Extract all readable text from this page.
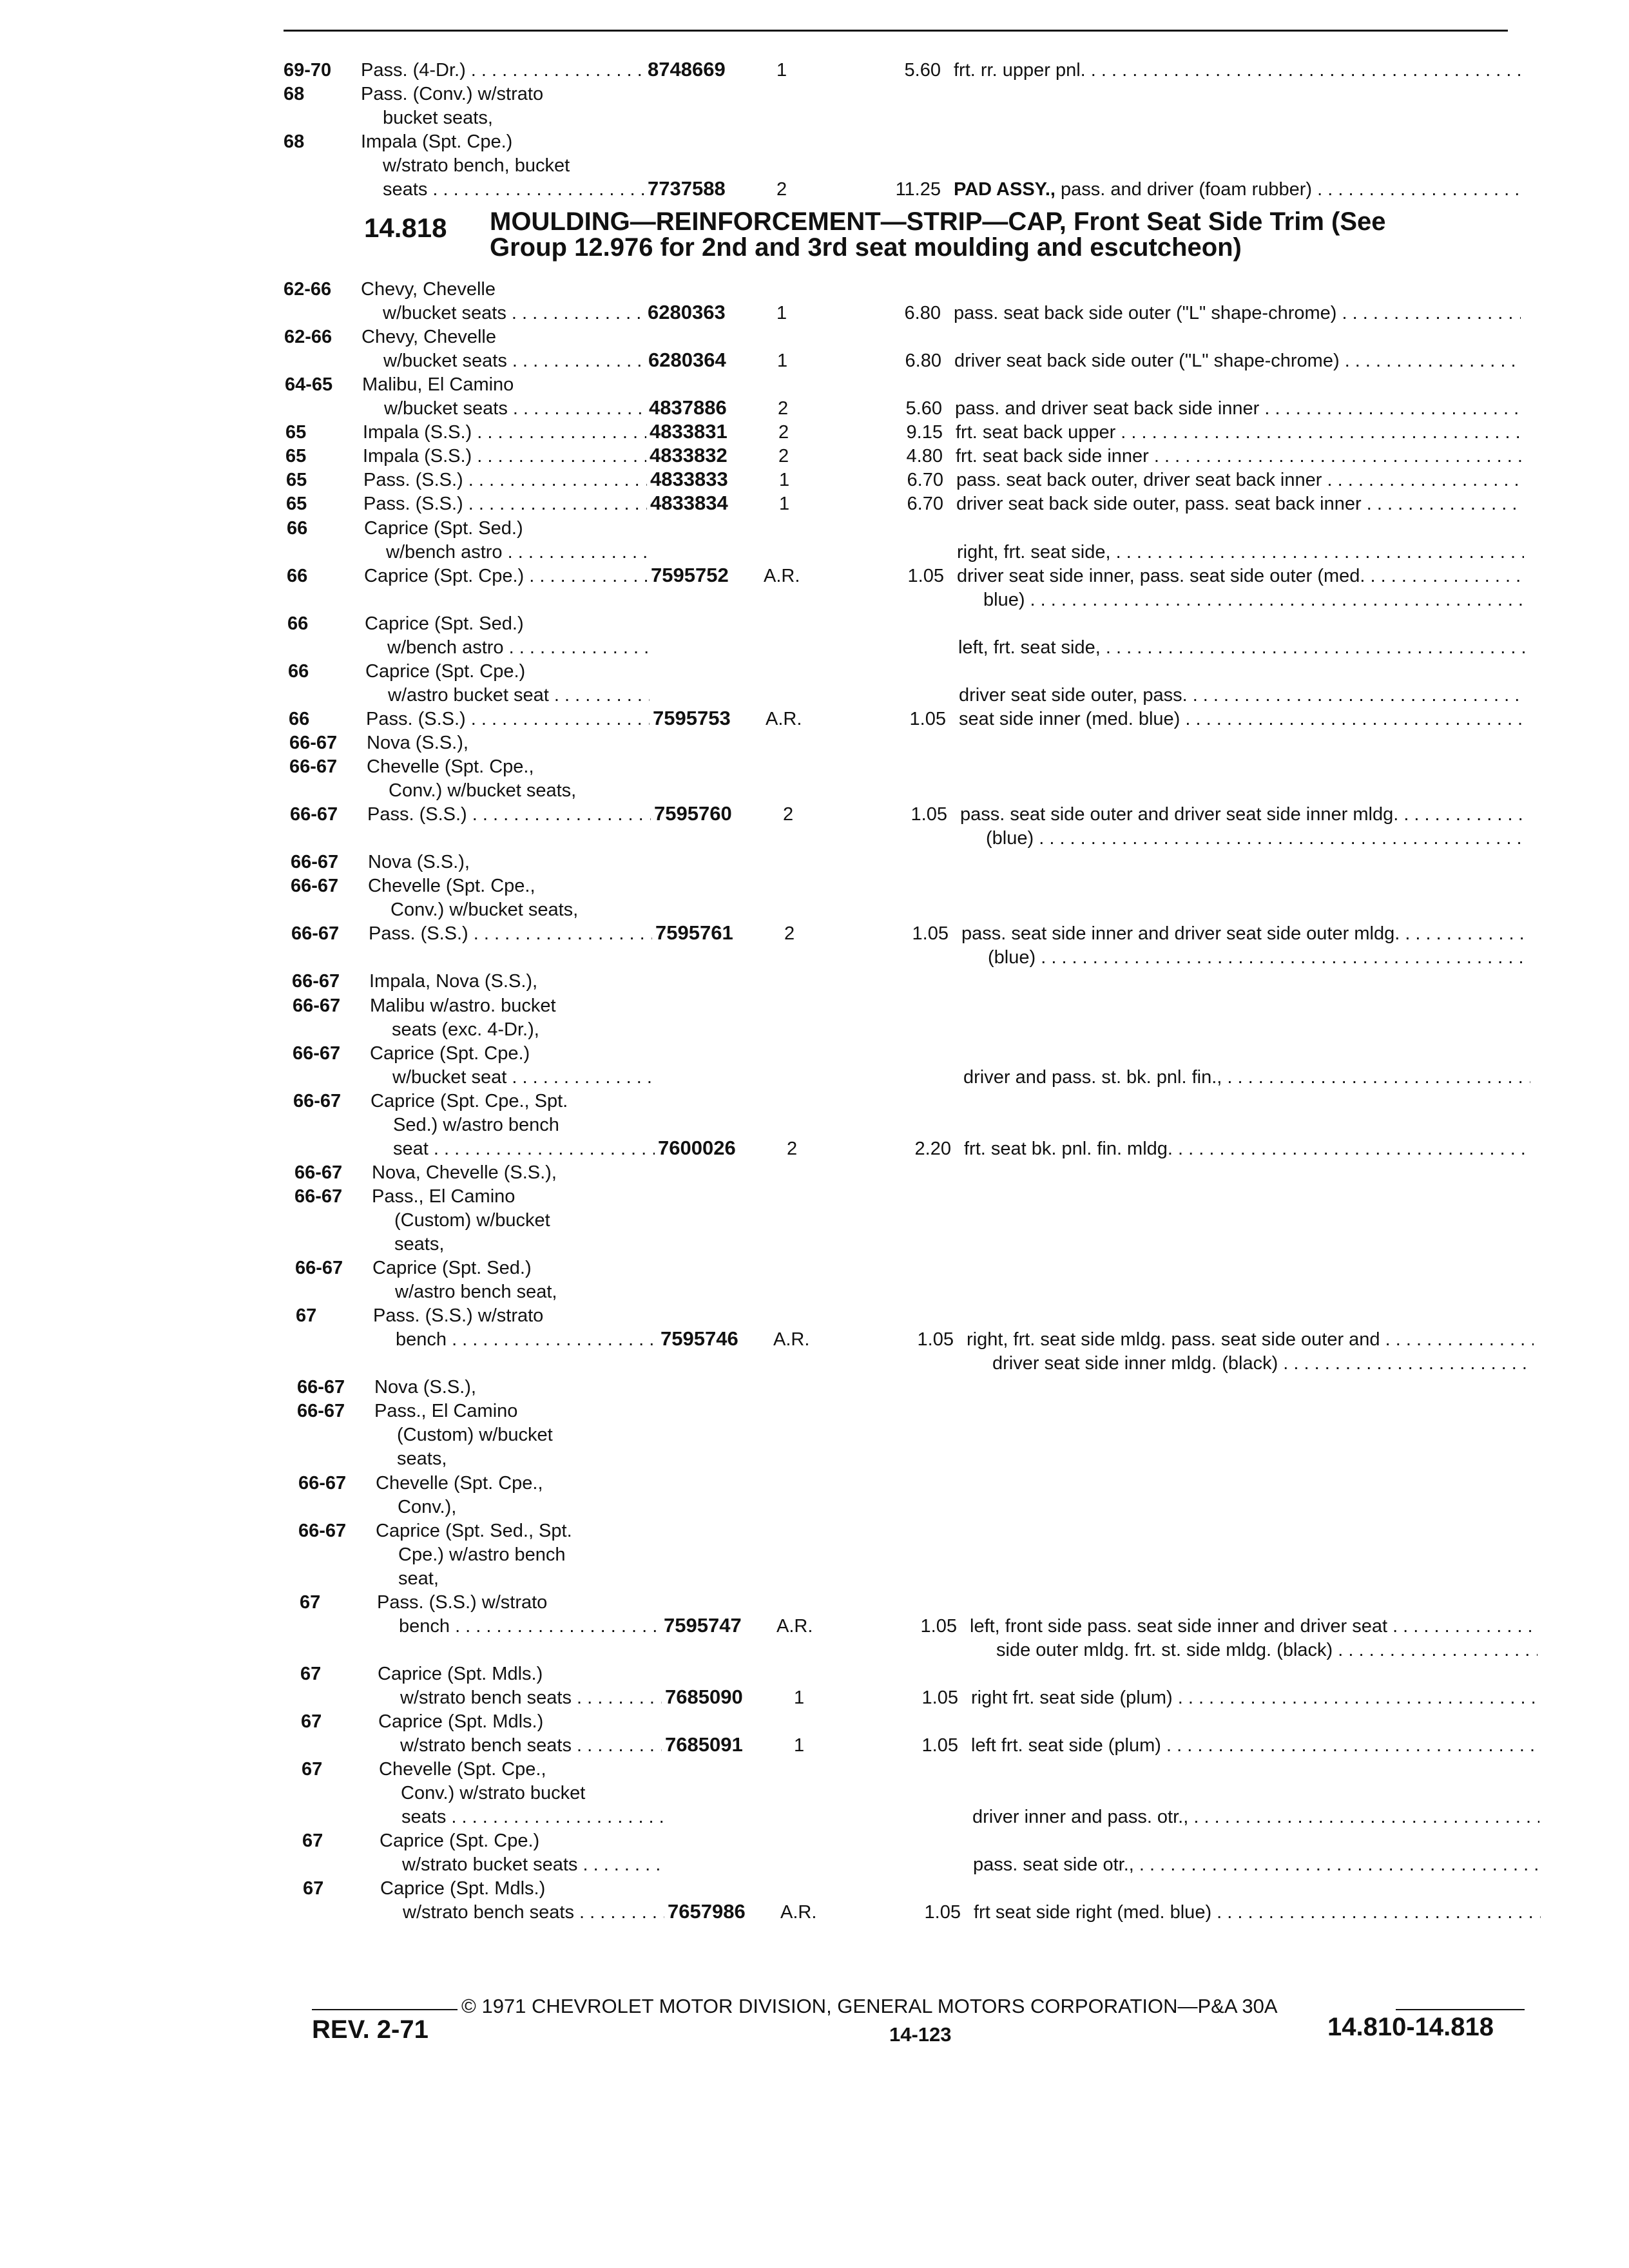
69-70 Pass. (4-Dr.) . . .	8748669	1	5.60 frt. rr. upper pnl. . . .
68	Pass. (Conv.) w/strato
bucket seats,
68	Impala (Spt. Cpe.)
w/strato bench, bucket
seats . . .	7737588	2	11.25 PAD ASSY., pass. and driver (foam rubber) . . .
14.818 MOULDING—REINFORCEMENT—STRIP—CAP, Front Seat Side Trim (See
Group 12.976 for 2nd and 3rd seat moulding and escutcheon)
62-66 Chevy, Chevelle
w/bucket seats . . .	6280363	1	6.80 pass. seat back side outer ("L" shape-chrome) . . .
62-66 Chevy, Chevelle
w/bucket seats . . .	6280364	1	6.80 driver seat back side outer ("L" shape-chrome) . . .
64-65 Malibu, El Camino
w/bucket seats . . .	4837886	2	5.60 pass. and driver seat back side inner . . .
65	Impala (S.S.) . . .	4833831	2	9.15 frt. seat back upper . . .
65	Impala (S.S.) . . .	4833832	2	4.80 frt. seat back side inner . . .
65	Pass. (S.S.) . . .	4833833	1	6.70 pass. seat back outer, driver seat back inner . . .
65	Pass. (S.S.) . . .	4833834	1	6.70 driver seat back side outer, pass. seat back inner . . .
66	Caprice (Spt. Sed.)
w/bench astro . . .	right, frt. seat side, . . .
66	Caprice (Spt. Cpe.) . . .	7595752 A.R.	1.05 driver seat side inner, pass. seat side outer (med. . . .
blue) . . .
66	Caprice (Spt. Sed.)
w/bench astro . . .	left, frt. seat side, . . .
66	Caprice (Spt. Cpe.)
w/astro bucket seat . . .	driver seat side outer, pass. . . .
66	Pass. (S.S.) . . .	7595753 A.R.	1.05 seat side inner (med. blue) . . .
66-67 Nova (S.S.),
66-67 Chevelle (Spt. Cpe.,
Conv.) w/bucket seats,
66-67 Pass. (S.S.) . . .	7595760	2	1.05 pass. seat side outer and driver seat side inner mldg. . . .
(blue) . . .
66-67 Nova (S.S.),
66-67 Chevelle (Spt. Cpe.,
Conv.) w/bucket seats,
66-67 Pass. (S.S.) . . .	7595761	2	1.05 pass. seat side inner and driver seat side outer mldg. . . .
(blue) . . .
66-67 Impala, Nova (S.S.),
66-67 Malibu w/astro. bucket
seats (exc. 4-Dr.),
66-67 Caprice (Spt. Cpe.)
w/bucket seat . . .	driver and pass. st. bk. pnl. fin., . . .
66-67 Caprice (Spt. Cpe., Spt.
Sed.) w/astro bench
seat . . .	7600026	2	2.20 frt. seat bk. pnl. fin. mldg. . . .
66-67 Nova, Chevelle (S.S.),
66-67 Pass., El Camino
(Custom) w/bucket
seats,
66-67 Caprice (Spt. Sed.)
w/astro bench seat,
67	Pass. (S.S.) w/strato
bench . . .	7595746 A.R.	1.05 right, frt. seat side mldg. pass. seat side outer and . . .
driver seat side inner mldg. (black) . . .
66-67 Nova (S.S.),
66-67 Pass., El Camino
(Custom) w/bucket
seats,
66-67 Chevelle (Spt. Cpe.,
Conv.),
66-67 Caprice (Spt. Sed., Spt.
Cpe.) w/astro bench
seat,
67	Pass. (S.S.) w/strato
bench . . .	7595747 A.R.	1.05 left, front side pass. seat side inner and driver seat . . .
side outer mldg. frt. st. side mldg. (black) . . .
67	Caprice (Spt. Mdls.)
w/strato bench seats . . .	7685090	1	1.05 right frt. seat side (plum) . . .
67	Caprice (Spt. Mdls.)
w/strato bench seats . . .	7685091	1	1.05 left frt. seat side (plum) . . .
67	Chevelle (Spt. Cpe.,
Conv.) w/strato bucket
seats . . .	driver inner and pass. otr., . . .
67	Caprice (Spt. Cpe.)
w/strato bucket seats . . .	pass. seat side otr., . . .
67	Caprice (Spt. Mdls.)
w/strato bench seats . . .	7657986 A.R.	1.05 frt seat side right (med. blue) . . .
© 1971 CHEVROLET MOTOR DIVISION, GENERAL MOTORS CORPORATION—P&A 30A
REV. 2-71	14-123	14.810-14.818
